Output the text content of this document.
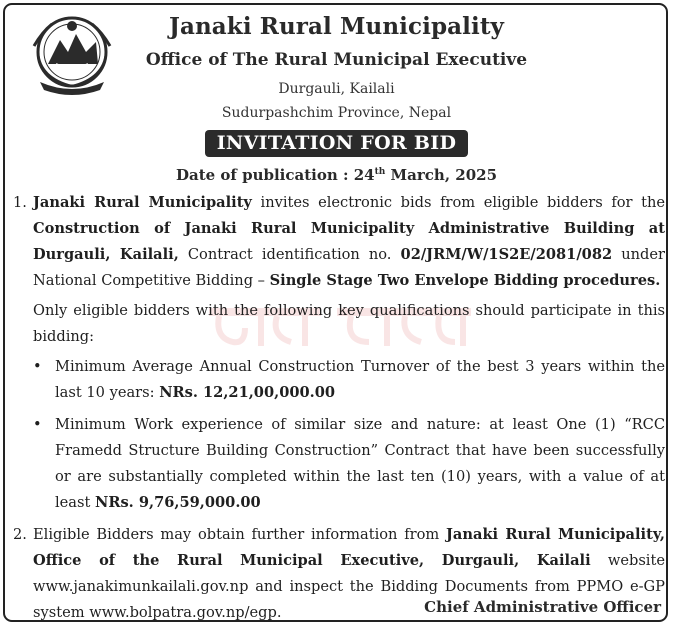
Janaki Rural Municipality
Office of The Rural Municipal Executive
Durgauli, Kailali
Sudurpashchim Province, Nepal
INVITATION FOR BID
Date of publication : 24th March, 2025
1. Janaki Rural Municipality invites electronic bids from eligible bidders for the Construction of Janaki Rural Municipality Administrative Building at Durgauli, Kailali, Contract identification no. 02/JRM/W/1S2E/2081/082 under National Competitive Bidding – Single Stage Two Envelope Bidding procedures.
Only eligible bidders with the following key qualifications should participate in this bidding:
• Minimum Average Annual Construction Turnover of the best 3 years within the last 10 years: NRs. 12,21,00,000.00
• Minimum Work experience of similar size and nature: at least One (1) “RCC Framedd Structure Building Construction” Contract that have been successfully or are substantially completed within the last ten (10) years, with a value of at least NRs. 9,76,59,000.00
2. Eligible Bidders may obtain further information from Janaki Rural Municipality, Office of the Rural Municipal Executive, Durgauli, Kailali website www.janakimunkailali.gov.np and inspect the Bidding Documents from PPMO e-GP system www.bolpatra.gov.np/egp.	Chief Administrative Officer
